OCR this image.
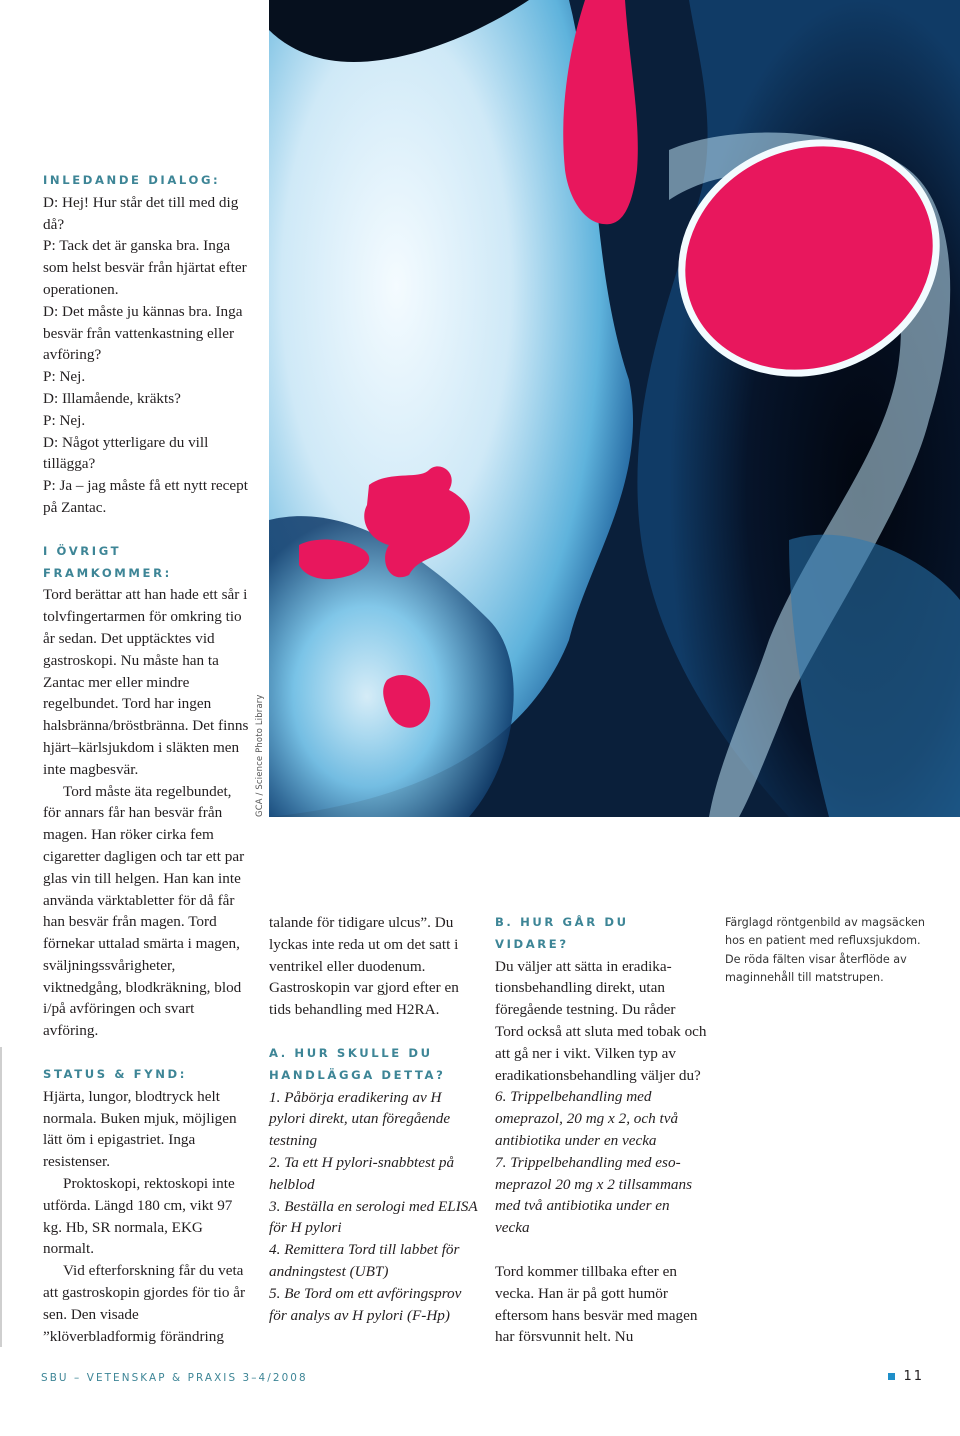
INLEDANDE DIALOG:

D: Hej! Hur står det till med dig då?

P: Tack det är ganska bra. Inga som helst besvär från hjärtat efter operationen.

D: Det måste ju kännas bra. Inga besvär från vattenkastning eller avföring?

P: Nej.

D: Illamående, kräkts?

P: Nej.

D: Något ytterligare du vill tillägga?

P: Ja – jag måste få ett nytt recept på Zantac.

I ÖVRIGT FRAMKOMMER:

Tord berättar att han hade ett sår i tolvfingertarmen för omkring tio år sedan. Det upptäcktes vid gastroskopi. Nu måste han ta Zantac mer eller mindre regelbundet. Tord har ingen halsbränna/bröstbränna. Det finns hjärt–kärlsjukdom i släkten men inte magbesvär.

Tord måste äta regelbundet, för annars får han besvär från magen. Han röker cirka fem cigaretter dagligen och tar ett par glas vin till helgen. Han kan inte använda värktabletter för då får han besvär från magen. Tord förnekar uttalad smärta i magen, sväljningssvårigheter, viktnedgång, blodkräkning, blod i/på avföringen och svart avföring.

STATUS & FYND:

Hjärta, lungor, blodtryck helt normala. Buken mjuk, möjligen lätt öm i epigastriet. Inga resistenser.

Proktoskopi, rektoskopi inte utförda. Längd 180 cm, vikt 97 kg. Hb, SR normala, EKG normalt.

Vid efterforskning får du veta att gastroskopin gjordes för tio år sen. Den visade ”klöverbladformig förändring

GCA / Science Photo Library

talande för tidigare ulcus”. Du lyckas inte reda ut om det satt i ventrikel eller duodenum. Gastroskopin var gjord efter en tids behandling med H2RA.

A. HUR SKULLE DU HANDLÄGGA DETTA?

1. Påbörja eradikering av H pylori direkt, utan föregående testning

2. Ta ett H pylori-snabbtest på helblod

3. Beställa en serologi med ELISA för H pylori

4. Remittera Tord till labbet för andningstest (UBT)

5. Be Tord om ett avföringsprov för analys av H pylori (F-Hp)

B. HUR GÅR DU VIDARE?

Du väljer att sätta in eradikationsbehandling direkt, utan föregående testning. Du råder Tord också att sluta med tobak och att gå ner i vikt. Vilken typ av eradikationsbehandling väljer du?

6. Trippelbehandling med omeprazol, 20 mg x 2, och två antibiotika under en vecka

7. Trippelbehandling med esomeprazol 20 mg x 2 tillsammans med två antibiotika under en vecka

Tord kommer tillbaka efter en vecka. Han är på gott humör eftersom hans besvär med magen har försvunnit helt. Nu

Färglagd röntgenbild av magsäcken hos en patient med refluxsjukdom. De röda fälten visar återflöde av maginnehåll till matstrupen.
SBU – VETENSKAP & PRAXIS 3–4/2008	11
